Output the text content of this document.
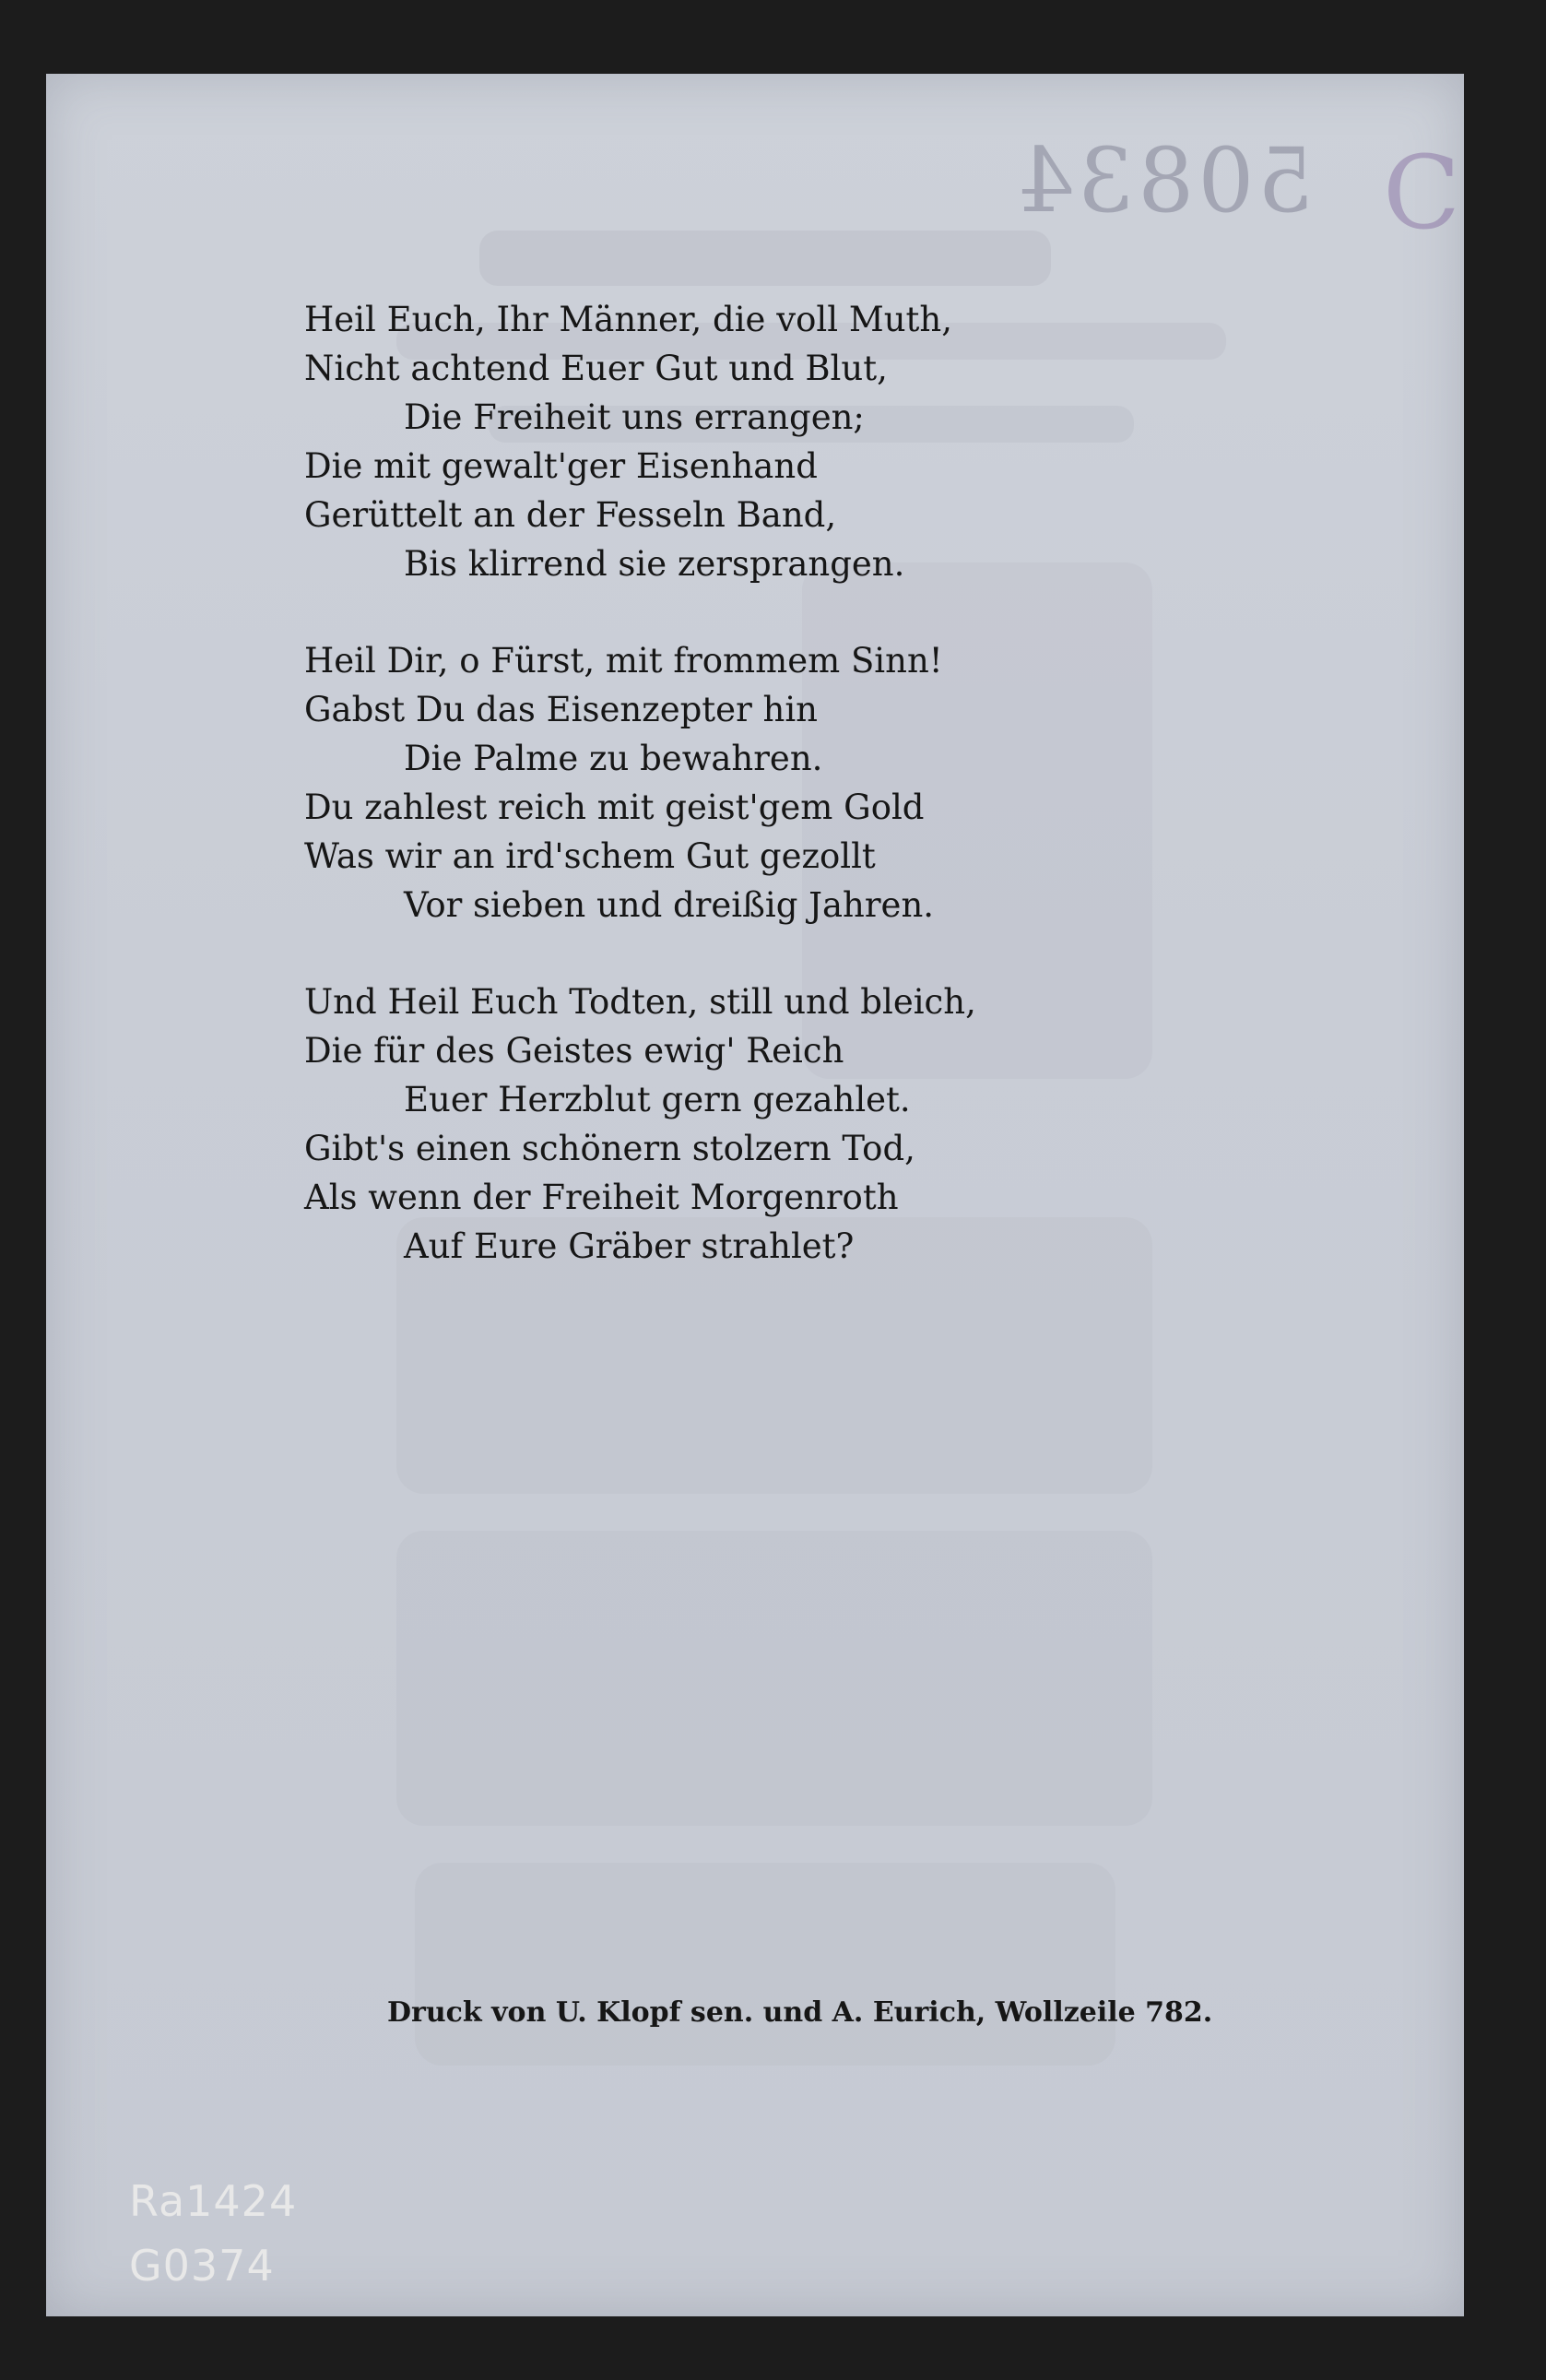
50834 C
Heil Euch, Ihr Männer, die voll Muth,
Nicht achtend Euer Gut und Blut,
Die Freiheit uns errangen;
Die mit gewalt'ger Eisenhand
Gerüttelt an der Fesseln Band,
Bis klirrend sie zersprangen.
Heil Dir, o Fürst, mit frommem Sinn!
Gabst Du das Eisenzepter hin
Die Palme zu bewahren.
Du zahlest reich mit geist'gem Gold
Was wir an ird'schem Gut gezollt
Vor sieben und dreißig Jahren.
Und Heil Euch Todten, still und bleich,
Die für des Geistes ewig' Reich
Euer Herzblut gern gezahlet.
Gibt's einen schönern stolzern Tod,
Als wenn der Freiheit Morgenroth
Auf Eure Gräber strahlet?
Druck von U. Klopf sen. und A. Eurich, Wollzeile 782.
Ra1424
G0374
